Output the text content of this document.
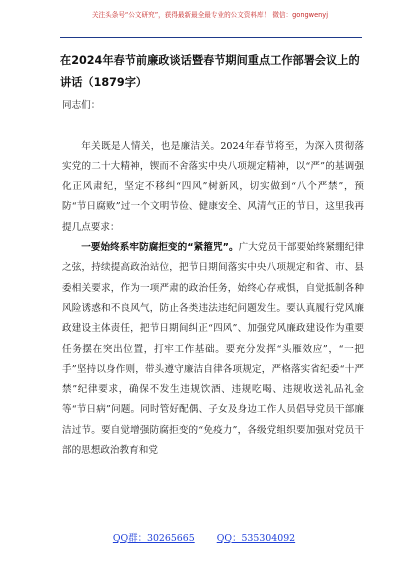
关注头条号“公文研究”，获得最新最全最专业的公文资料库！ 微信：gongwenyj
在2024年春节前廉政谈话暨春节期间重点工作部署会议上的讲话（1879字）

同志们：

年关既是人情关，也是廉洁关。2024年春节将至，为深入贯彻落实党的二十大精神，锲而不舍落实中央八项规定精神，以“严”的基调强化正风肃纪，坚定不移纠“四风”树新风，切实做到“八个严禁”，预防“节日腐败”过一个文明节俭、健康安全、风清气正的节日，这里我再提几点要求：

一要始终系牢防腐拒变的“紧箍咒”。广大党员干部要始终紧绷纪律之弦，持续提高政治站位，把节日期间落实中央八项规定和省、市、县委相关要求，作为一项严肃的政治任务，始终心存戒惧，自觉抵制各种风险诱惑和不良风气，防止各类违法违纪问题发生。要认真履行党风廉政建设主体责任，把节日期间纠正“四风”、加强党风廉政建设作为重要任务摆在突出位置，打牢工作基础。要充分发挥“头雁效应”，“一把手”坚持以身作则，带头遵守廉洁自律各项规定，严格落实省纪委“十严禁”纪律要求，确保不发生违规饮酒、违规吃喝、违规收送礼品礼金等“节日病”问题。同时管好配偶、子女及身边工作人员倡导党员干部廉洁过节。要自觉增强防腐拒变的“免疫力”，各级党组织要加强对党员干部的思想政治教育和党

QQ群：30265665 QQ：535304092
